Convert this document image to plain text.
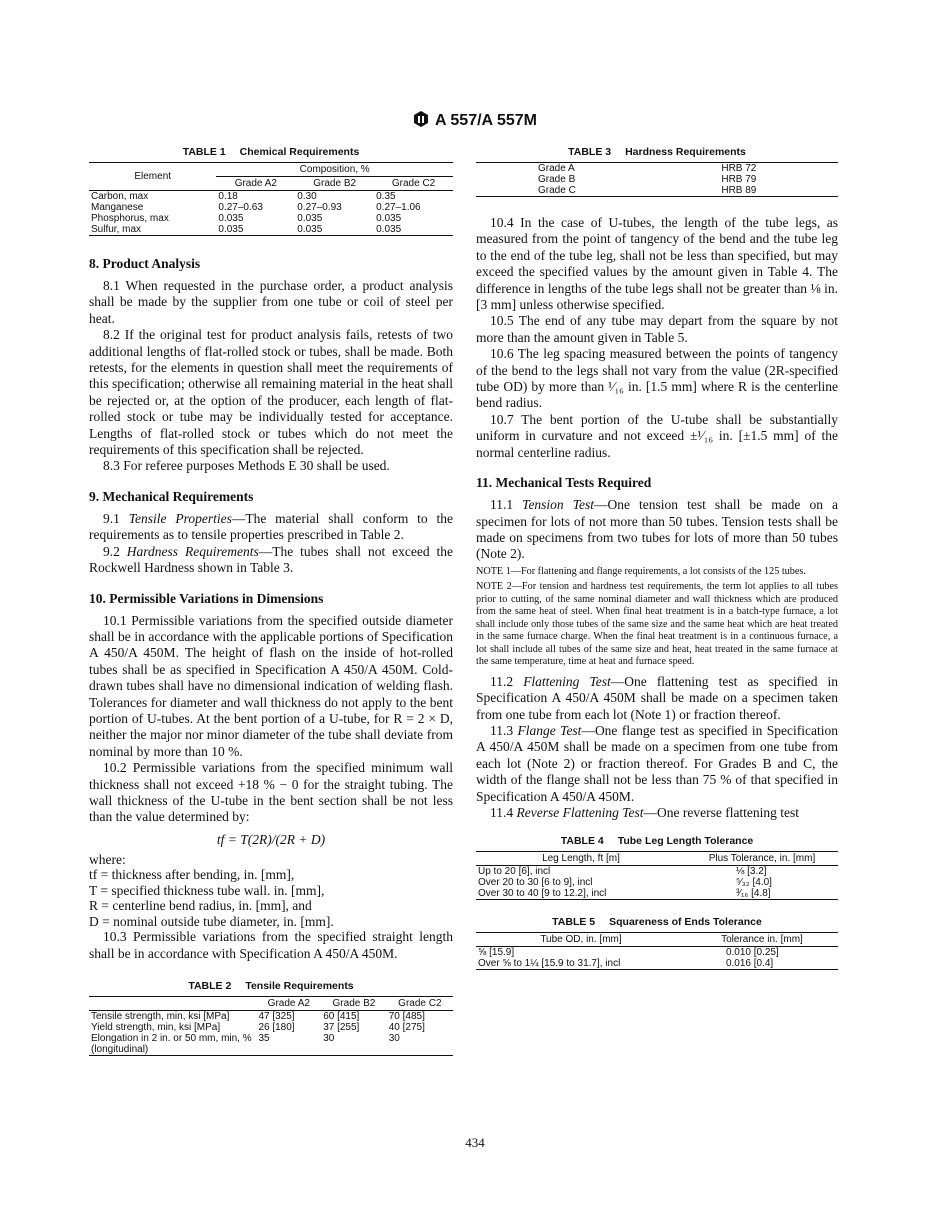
A 557/A 557M
TABLE 1 Chemical Requirements
Element	Composition, %		
	Grade A2	Grade B2	Grade C2
Carbon, max	0.18	0.30	0.35
Manganese	0.27–0.63	0.27–0.93	0.27–1.06
Phosphorus, max	0.035	0.035	0.035
Sulfur, max	0.035	0.035	0.035
8. Product Analysis

8.1 When requested in the purchase order, a product analysis shall be made by the supplier from one tube or coil of steel per heat.

8.2 If the original test for product analysis fails, retests of two additional lengths of flat-rolled stock or tubes, shall be made. Both retests, for the elements in question shall meet the requirements of this specification; otherwise all remaining material in the heat shall be rejected or, at the option of the producer, each length of flat-rolled stock or tube may be individually tested for acceptance. Lengths of flat-rolled stock or tubes which do not meet the requirements of this specification shall be rejected.

8.3 For referee purposes Methods E 30 shall be used.

9. Mechanical Requirements

9.1 Tensile Properties—The material shall conform to the requirements as to tensile properties prescribed in Table 2.

9.2 Hardness Requirements—The tubes shall not exceed the Rockwell Hardness shown in Table 3.

10. Permissible Variations in Dimensions

10.1 Permissible variations from the specified outside diameter shall be in accordance with the applicable portions of Specification A 450/A 450M. The height of flash on the inside of hot-rolled tubes shall be as specified in Specification A 450/A 450M. Cold-drawn tubes shall have no dimensional indication of welding flash. Tolerances for diameter and wall thickness do not apply to the bent portion of U-tubes. At the bent portion of a U-tube, for R = 2 × D, neither the major nor minor diameter of the tube shall deviate from nominal by more than 10 %.

10.2 Permissible variations from the specified minimum wall thickness shall not exceed +18 % − 0 for the straight tubing. The wall thickness of the U-tube in the bent section shall be not less than the value determined by:

tf = T(2R)/(2R + D)
where:
tf = thickness after bending, in. [mm],
T = specified thickness tube wall. in. [mm],
R = centerline bend radius, in. [mm], and
D = nominal outside tube diameter, in. [mm].

10.3 Permissible variations from the specified straight length shall be in accordance with Specification A 450/A 450M.

TABLE 2 Tensile Requirements
	Grade A2	Grade B2	Grade C2
Tensile strength, min, ksi [MPa]	47 [325]	60 [415]	70 [485]
Yield strength, min, ksi [MPa]	26 [180]	37 [255]	40 [275]
Elongation in 2 in. or 50 mm, min, % (longitudinal)	35	30	30
TABLE 3 Hardness Requirements
Grade A	HRB 72
Grade B	HRB 79
Grade C	HRB 89

10.4 In the case of U-tubes, the length of the tube legs, as measured from the point of tangency of the bend and the tube leg to the end of the tube leg, shall not be less than specified, but may exceed the specified values by the amount given in Table 4. The difference in lengths of the tube legs shall not be greater than ⅛ in. [3 mm] unless otherwise specified.

10.5 The end of any tube may depart from the square by not more than the amount given in Table 5.

10.6 The leg spacing measured between the points of tangency of the bend to the legs shall not vary from the value (2R-specified tube OD) by more than ¹⁄₁₆ in. [1.5 mm] where R is the centerline bend radius.

10.7 The bent portion of the U-tube shall be substantially uniform in curvature and not exceed ±¹⁄₁₆ in. [±1.5 mm] of the normal centerline radius.

11. Mechanical Tests Required

11.1 Tension Test—One tension test shall be made on a specimen for lots of not more than 50 tubes. Tension tests shall be made on specimens from two tubes for lots of more than 50 tubes (Note 2).

NOTE 1—For flattening and flange requirements, a lot consists of the 125 tubes.

NOTE 2—For tension and hardness test requirements, the term lot applies to all tubes prior to cutting, of the same nominal diameter and wall thickness which are produced from the same heat of steel. When final heat treatment is in a batch-type furnace, a lot shall include only those tubes of the same size and the same heat which are heat treated in the same furnace charge. When the final heat treatment is in a continuous furnace, a lot shall include all tubes of the same size and heat, heat treated in the same furnace at the same temperature, time at heat and furnace speed.

11.2 Flattening Test—One flattening test as specified in Specification A 450/A 450M shall be made on a specimen taken from one tube from each lot (Note 1) or fraction thereof.

11.3 Flange Test—One flange test as specified in Specification A 450/A 450M shall be made on a specimen from one tube from each lot (Note 2) or fraction thereof. For Grades B and C, the width of the flange shall not be less than 75 % of that specified in Specification A 450/A 450M.

11.4 Reverse Flattening Test—One reverse flattening test

TABLE 4 Tube Leg Length Tolerance
Leg Length, ft [m]	Plus Tolerance, in. [mm]
Up to 20 [6], incl	⅛ [3.2]
Over 20 to 30 [6 to 9], incl	⁵⁄₃₂ [4.0]
Over 30 to 40 [9 to 12.2], incl	³⁄₁₆ [4.8]
TABLE 5 Squareness of Ends Tolerance
Tube OD, in. [mm]	Tolerance in. [mm]
⅝ [15.9]	0.010 [0.25]
Over ⅝ to 1¼ [15.9 to 31.7], incl	0.016 [0.4]
434
